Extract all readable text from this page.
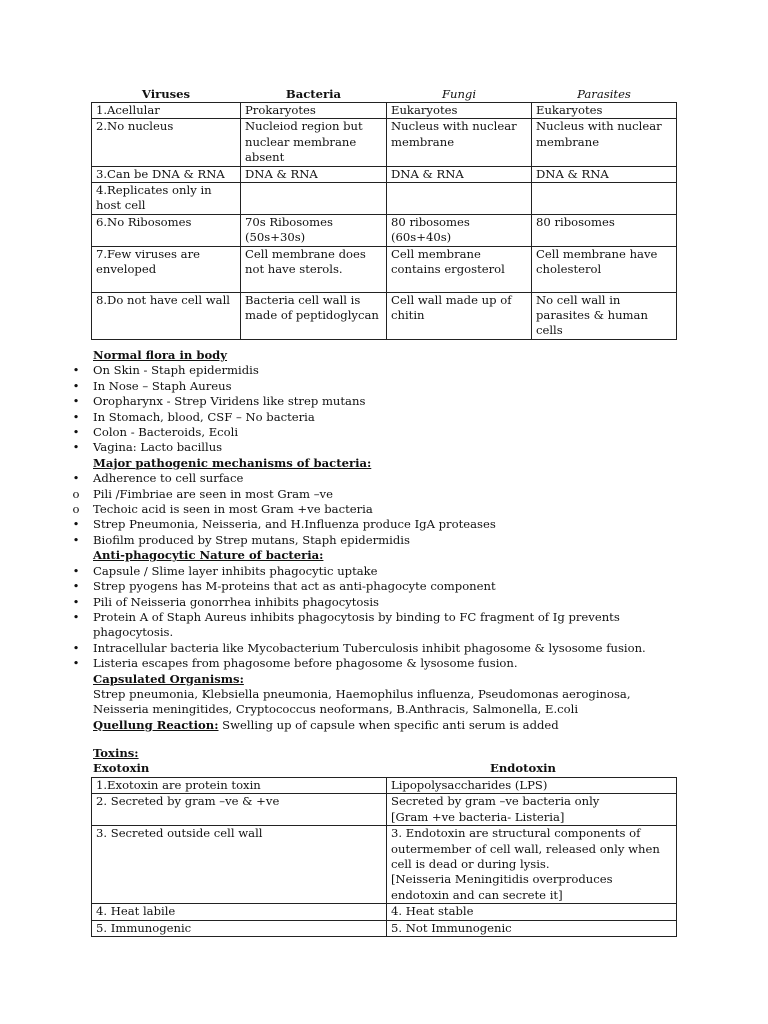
Viruses	Bacteria	Fungi	Parasites
1.Acellular	Prokaryotes	Eukaryotes	Eukaryotes
2.No nucleus	Nucleiod region but nuclear membrane absent	Nucleus with nuclear membrane	Nucleus with nuclear membrane
3.Can be DNA & RNA	DNA & RNA	DNA & RNA	DNA & RNA
4.Replicates only in host cell			
6.No Ribosomes	70s Ribosomes (50s+30s)	80 ribosomes (60s+40s)	80 ribosomes
7.Few viruses are enveloped	Cell membrane does not have sterols.	Cell membrane contains ergosterol	Cell membrane have cholesterol
8.Do not have cell wall	Bacteria cell wall is made of peptidoglycan	Cell wall made up of chitin	No cell wall in parasites & human cells
Normal flora in body
• On Skin - Staph epidermidis
• In Nose – Staph Aureus
• Oropharynx - Strep Viridens like strep mutans
• In Stomach, blood, CSF – No bacteria
• Colon - Bacteroids, Ecoli
• Vagina: Lacto bacillus
Major pathogenic mechanisms of bacteria:
• Adherence to cell surface
o Pili /Fimbriae are seen in most Gram –ve
o Techoic acid is seen in most Gram +ve bacteria
• Strep Pneumonia, Neisseria, and H.Influenza produce IgA proteases
• Biofilm produced by Strep mutans, Staph epidermidis
Anti-phagocytic Nature of bacteria:
• Capsule / Slime layer inhibits phagocytic uptake
• Strep pyogens has M-proteins that act as anti-phagocyte component
• Pili of Neisseria gonorrhea inhibits phagocytosis
• Protein A of Staph Aureus inhibits phagocytosis by binding to FC fragment of Ig prevents phagocytosis.
• Intracellular bacteria like Mycobacterium Tuberculosis inhibit phagosome & lysosome fusion.
• Listeria escapes from phagosome before phagosome & lysosome fusion.
Capsulated Organisms:
Strep pneumonia, Klebsiella pneumonia, Haemophilus influenza, Pseudomonas aeroginosa,
Neisseria meningitides, Cryptococcus neoformans, B.Anthracis, Salmonella, E.coli
Quellung Reaction: Swelling up of capsule when specific anti serum is added
Toxins:
Exotoxin	Endotoxin
1.Exotoxin are protein toxin	Lipopolysaccharides (LPS)

2. Secreted by gram –ve & +ve	Secreted by gram –ve bacteria only
[Gram +ve bacteria- Listeria]

3. Secreted outside cell wall	3. Endotoxin are structural components of outermember of cell wall, released only when cell is dead or during lysis.
[Neisseria Meningitidis overproduces endotoxin and can secrete it]

4. Heat labile	4. Heat stable

5. Immunogenic	5. Not Immunogenic
